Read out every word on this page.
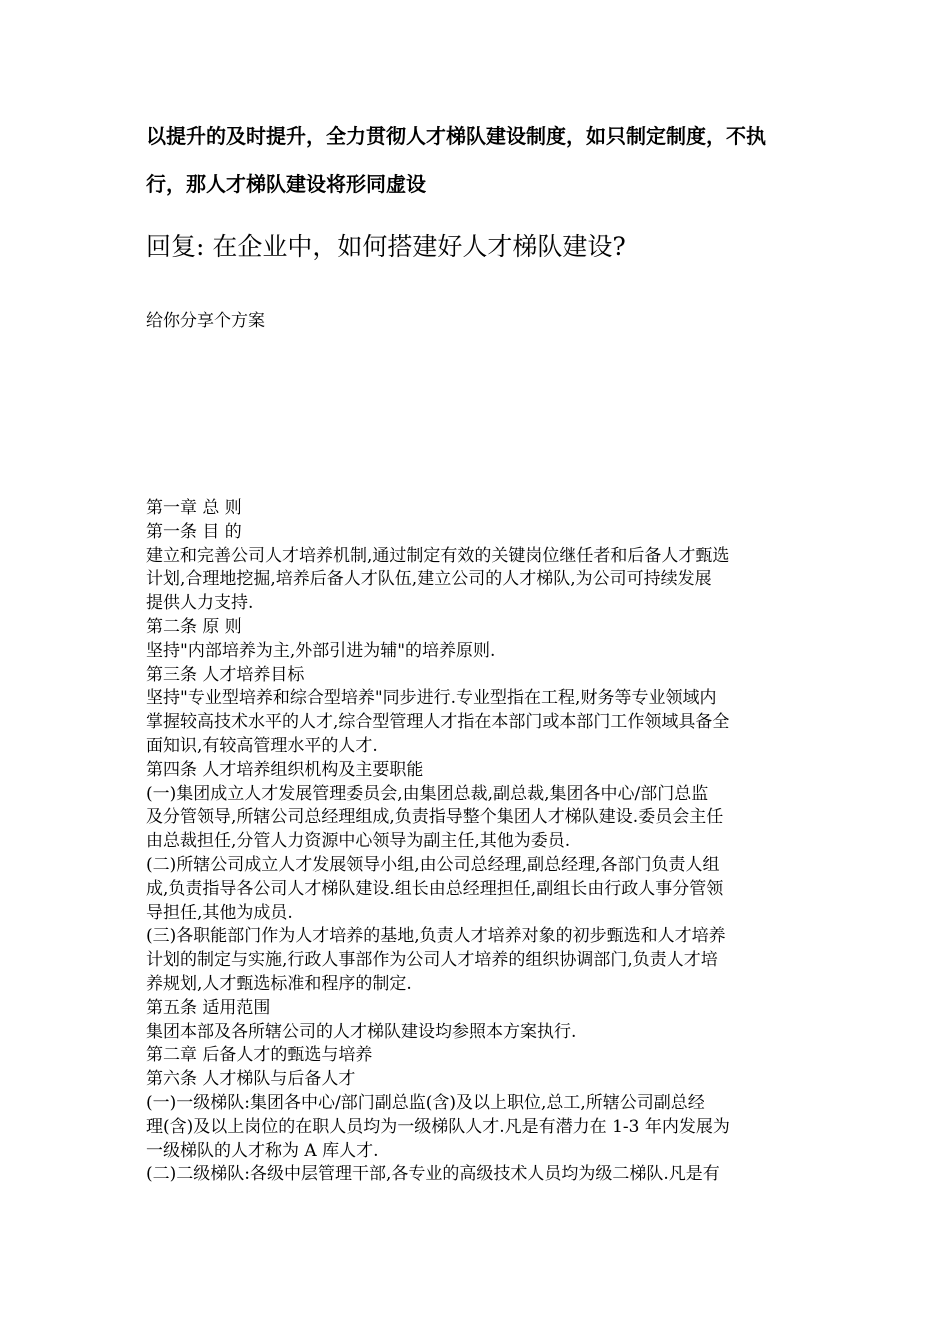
以提升的及时提升，全力贯彻人才梯队建设制度，如只制定制度，不执
行，那人才梯队建设将形同虚设
回复: 在企业中，如何搭建好人才梯队建设?

给你分享个方案

第一章 总 则
第一条 目 的
建立和完善公司人才培养机制,通过制定有效的关键岗位继任者和后备人才甄选
计划,合理地挖掘,培养后备人才队伍,建立公司的人才梯队,为公司可持续发展
提供人力支持.
第二条 原 则
坚持"内部培养为主,外部引进为辅"的培养原则.
第三条 人才培养目标
坚持"专业型培养和综合型培养"同步进行.专业型指在工程,财务等专业领域内
掌握较高技术水平的人才,综合型管理人才指在本部门或本部门工作领域具备全
面知识,有较高管理水平的人才.
第四条 人才培养组织机构及主要职能
(一)集团成立人才发展管理委员会,由集团总裁,副总裁,集团各中心/部门总监
及分管领导,所辖公司总经理组成,负责指导整个集团人才梯队建设.委员会主任
由总裁担任,分管人力资源中心领导为副主任,其他为委员.
(二)所辖公司成立人才发展领导小组,由公司总经理,副总经理,各部门负责人组
成,负责指导各公司人才梯队建设.组长由总经理担任,副组长由行政人事分管领
导担任,其他为成员.
(三)各职能部门作为人才培养的基地,负责人才培养对象的初步甄选和人才培养
计划的制定与实施,行政人事部作为公司人才培养的组织协调部门,负责人才培
养规划,人才甄选标准和程序的制定.
第五条 适用范围
集团本部及各所辖公司的人才梯队建设均参照本方案执行.
第二章 后备人才的甄选与培养
第六条 人才梯队与后备人才
(一)一级梯队:集团各中心/部门副总监(含)及以上职位,总工,所辖公司副总经
理(含)及以上岗位的在职人员均为一级梯队人才.凡是有潜力在 1-3 年内发展为
一级梯队的人才称为 A 库人才.
(二)二级梯队:各级中层管理干部,各专业的高级技术人员均为级二梯队.凡是有
